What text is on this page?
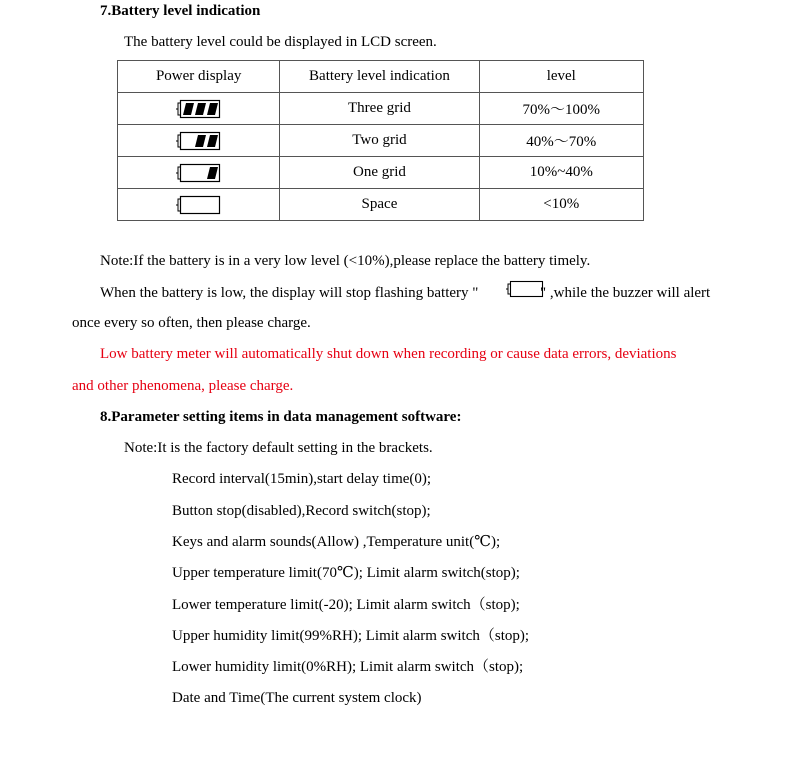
7.Battery level indication
The battery level could be displayed in LCD screen.
Power display	Battery level indication	level
	Three grid	70%～100%
	Two grid	40%～70%
	One grid	10%~40%
	Space	<10%
Note:If the battery is in a very low level (<10%),please replace the battery timely.
When the battery is low, the display will stop flashing battery "	" ,while the buzzer will alert
once every so often, then please charge.
Low battery meter will automatically shut down when recording or cause data errors, deviations
and other phenomena, please charge.
8.Parameter setting items in data management software:
Note:It is the factory default setting in the brackets.
Record interval(15min),start delay time(0);
Button stop(disabled),Record switch(stop);
Keys and alarm sounds(Allow) ,Temperature unit(℃);
Upper temperature limit(70℃); Limit alarm switch(stop);
Lower temperature limit(-20); Limit alarm switch（stop);
Upper humidity limit(99%RH); Limit alarm switch（stop);
Lower humidity limit(0%RH); Limit alarm switch（stop);
Date and Time(The current system clock)
